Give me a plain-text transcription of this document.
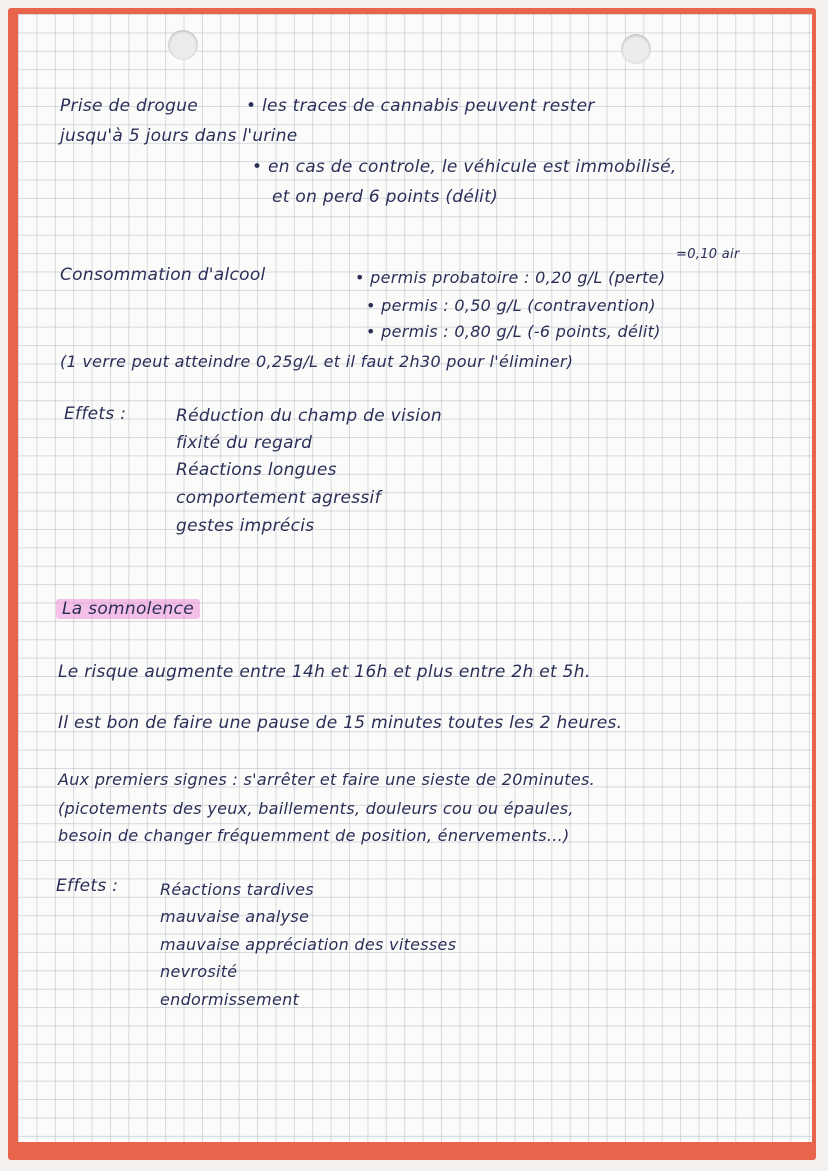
Prise de drogue	• les traces de cannabis peuvent rester
jusqu'à 5 jours dans l'urine
• en cas de controle, le véhicule est immobilisé,
et on perd 6 points (délit)
=0,10 air
Consommation d'alcool	• permis probatoire : 0,20 g/L (perte)
• permis : 0,50 g/L (contravention)
• permis : 0,80 g/L (-6 points, délit)
(1 verre peut atteindre 0,25g/L et il faut 2h30 pour l'éliminer)
Effets :	Réduction du champ de vision
fixité du regard
Réactions longues
comportement agressif
gestes imprécis
La somnolence
Le risque augmente entre 14h et 16h et plus entre 2h et 5h.
Il est bon de faire une pause de 15 minutes toutes les 2 heures.
Aux premiers signes : s'arrêter et faire une sieste de 20minutes.
(picotements des yeux, baillements, douleurs cou ou épaules,
besoin de changer fréquemment de position, énervements...)
Effets :	Réactions tardives
mauvaise analyse
mauvaise appréciation des vitesses
nevrosité
endormissement
